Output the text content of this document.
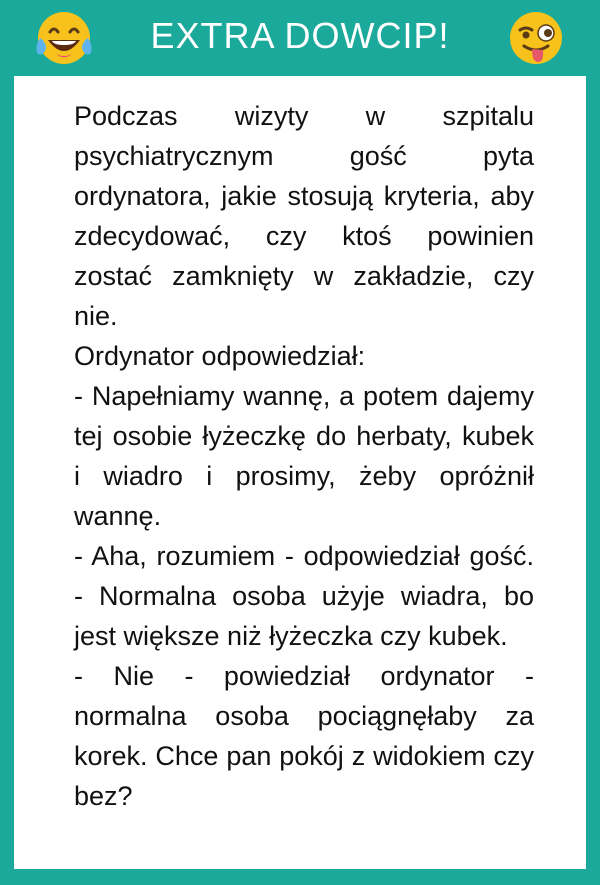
EXTRA DOWCIP!

Podczas wizyty w szpitalu psychiatrycznym gość pyta ordynatora, jakie stosują kryteria, aby zdecydować, czy ktoś powinien zostać zamknięty w zakładzie, czy nie.

Ordynator odpowiedział:

- Napełniamy wannę, a potem dajemy tej osobie łyżeczkę do herbaty, kubek i wiadro i prosimy, żeby opróżnił wannę.

- Aha, rozumiem - odpowiedział gość. - Normalna osoba użyje wiadra, bo jest większe niż łyżeczka czy kubek.

- Nie - powiedział ordynator - normalna osoba pociągnęłaby za korek. Chce pan pokój z widokiem czy bez?
